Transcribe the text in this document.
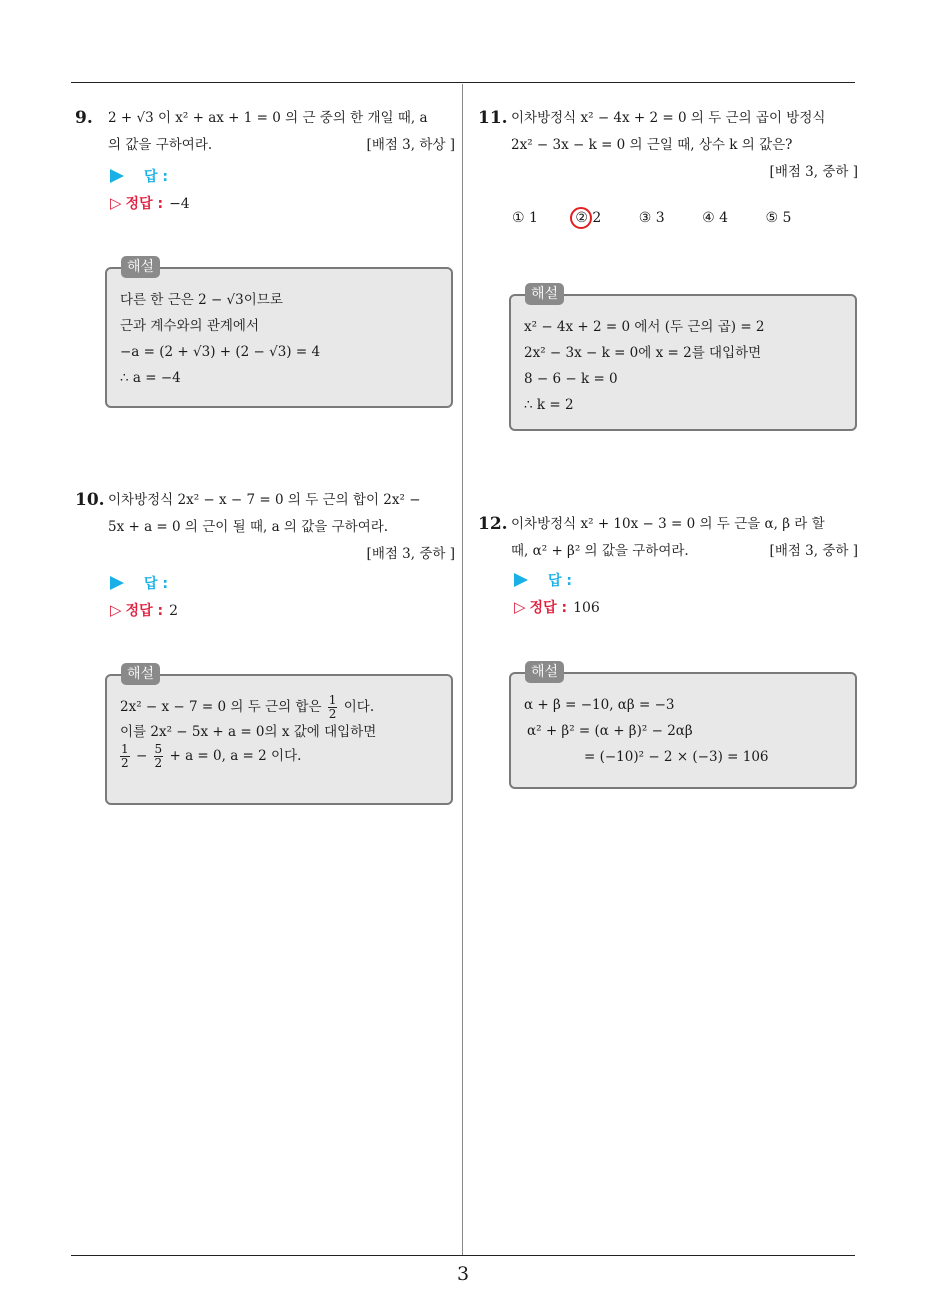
3
9. 2 + √3 이 x² + ax + 1 = 0 의 근 중의 한 개일 때, a
의 값을 구하여라.	[배점 3, 하상 ]
답 :
▷ 정답 : −4
해설
다른 한 근은 2 − √3이므로
근과 계수와의 관계에서
−a = (2 + √3) + (2 − √3) = 4
∴ a = −4
10. 이차방정식 2x² − x − 7 = 0 의 두 근의 합이 2x² −
5x + a = 0 의 근이 될 때, a 의 값을 구하여라.
[배점 3, 중하 ]
답 :
▷ 정답 : 2
해설
2x² − x − 7 = 0 의 두 근의 합은 $\frac{1}{2}$ 이다.
이를 2x² − 5x + a = 0의 x 값에 대입하면
$\frac{1}{2} - \frac{5}{2} + a = 0$, a = 2 이다.
11. 이차방정식 x² − 4x + 2 = 0 의 두 근의 곱이 방정식
2x² − 3x − k = 0 의 근일 때, 상수 k 의 값은?
[배점 3, 중하 ]
① 1	② 2	③ 3	④ 4	⑤ 5
해설
x² − 4x + 2 = 0 에서 (두 근의 곱) = 2
2x² − 3x − k = 0에 x = 2를 대입하면
8 − 6 − k = 0
∴ k = 2
12. 이차방정식 x² + 10x − 3 = 0 의 두 근을 α, β 라 할
때, α² + β² 의 값을 구하여라.	[배점 3, 중하 ]
답 :
▷ 정답 : 106
해설
α + β = −10, αβ = −3
α² + β² = (α + β)² − 2αβ
= (−10)² − 2 × (−3) = 106
